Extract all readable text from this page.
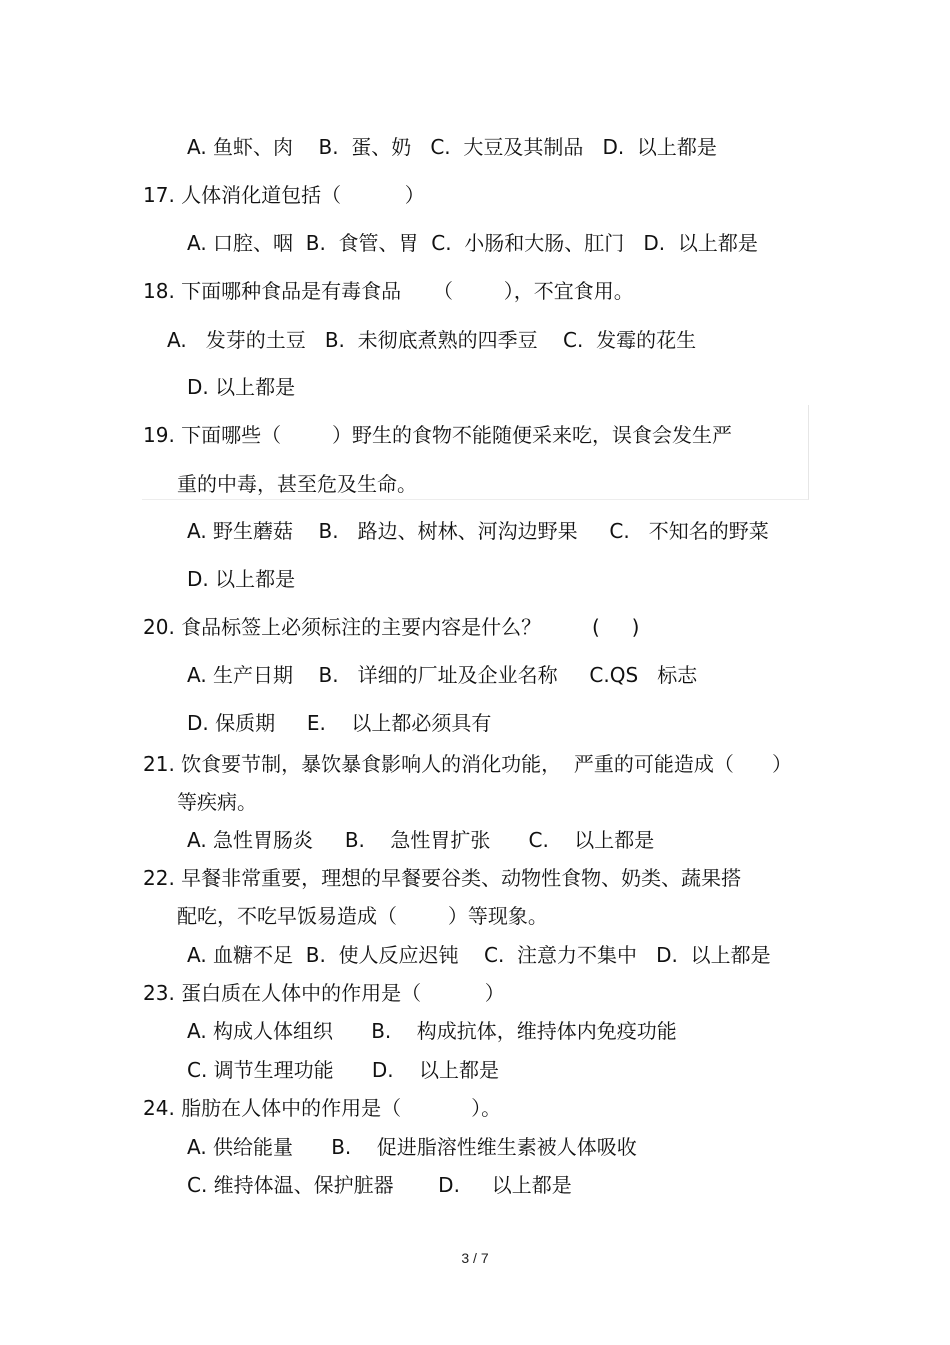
A. 鱼虾、肉    B.  蛋、奶   C.  大豆及其制品   D.  以上都是
17. 人体消化道包括（          ）
A. 口腔、咽  B.  食管、胃  C.  小肠和大肠、肛门   D.  以上都是
18. 下面哪种食品是有毒食品     （        ），不宜食用。
A.   发芽的土豆   B.  未彻底煮熟的四季豆    C.  发霉的花生
D. 以上都是
19. 下面哪些（        ）野生的食物不能随便采来吃，误食会发生严
重的中毒，甚至危及生命。
A. 野生蘑菇    B.   路边、树林、河沟边野果     C.   不知名的野菜
D. 以上都是
20. 食品标签上必须标注的主要内容是什么？        (     )
A. 生产日期    B.   详细的厂址及企业名称     C.QS   标志
D. 保质期     E.    以上都必须具有
21. 饮食要节制，暴饮暴食影响人的消化功能，  严重的可能造成（      ）
等疾病。
A. 急性胃肠炎     B.    急性胃扩张      C.    以上都是
22. 早餐非常重要，理想的早餐要谷类、动物性食物、奶类、蔬果搭
配吃，不吃早饭易造成（        ）等现象。
A. 血糖不足  B.  使人反应迟钝    C.  注意力不集中   D.  以上都是
23. 蛋白质在人体中的作用是（          ）
A. 构成人体组织      B.    构成抗体，维持体内免疫功能
C. 调节生理功能      D.    以上都是
24. 脂肪在人体中的作用是（           ）。
A. 供给能量      B.    促进脂溶性维生素被人体吸收
C. 维持体温、保护脏器       D.     以上都是
3 / 7
